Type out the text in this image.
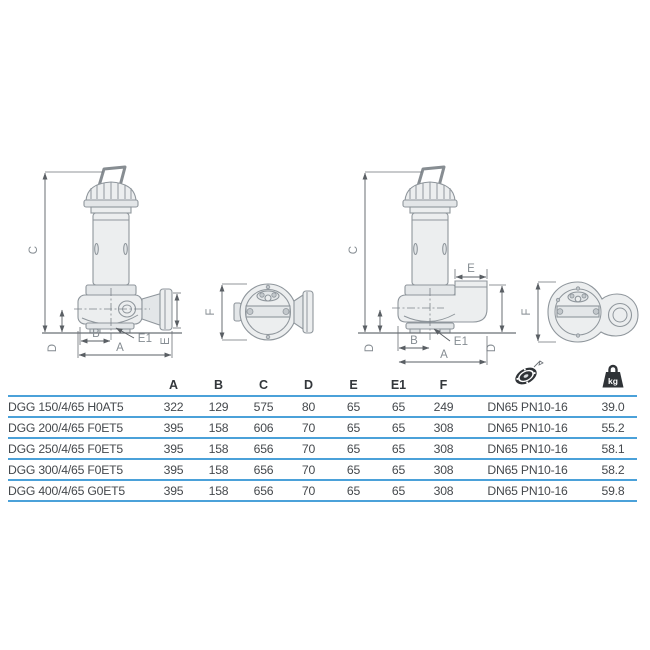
C
D
B
A
E
E1
F
C
D
E
D
B
A
E1
F
	A	B	C	D	E	E1	F		kg

DGG 150/4/65 H0AT5	322	129	575	80	65	65	249	DN65 PN10-16	39.0
DGG 200/4/65 F0ET5	395	158	606	70	65	65	308	DN65 PN10-16	55.2
DGG 250/4/65 F0ET5	395	158	656	70	65	65	308	DN65 PN10-16	58.1
DGG 300/4/65 F0ET5	395	158	656	70	65	65	308	DN65 PN10-16	58.2
DGG 400/4/65 G0ET5	395	158	656	70	65	65	308	DN65 PN10-16	59.8
